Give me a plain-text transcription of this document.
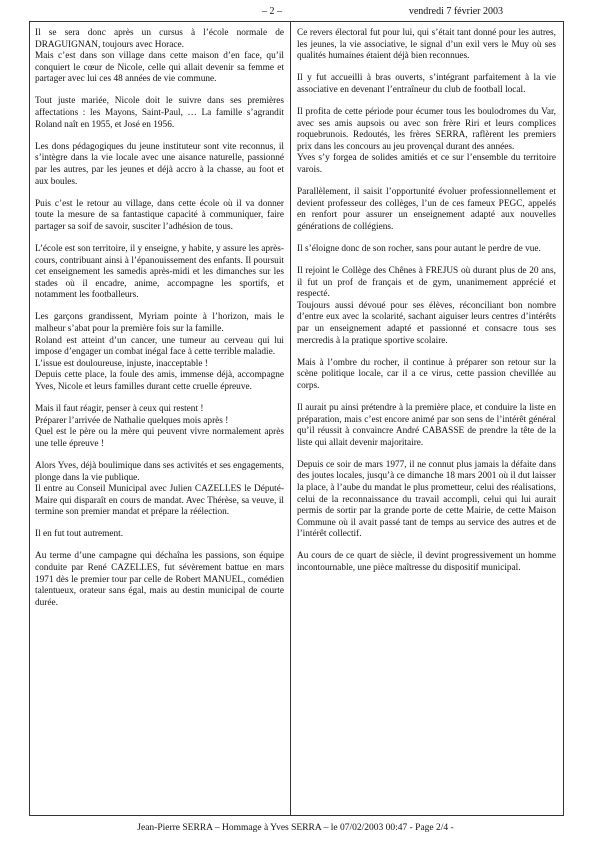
– 2 –	vendredi 7 février 2003

Il se sera donc après un cursus à l’école normale de DRAGUIGNAN, toujours avec Horace.
Mais c’est dans son village dans cette maison d’en face, qu’il conquiert le cœur de Nicole, celle qui allait devenir sa femme et partager avec lui ces 48 années de vie commune.

Tout juste mariée, Nicole doit le suivre dans ses premières affectations : les Mayons, Saint-Paul, … La famille s’agrandit Roland naît en 1955, et José en 1956.

Les dons pédagogiques du jeune instituteur sont vite reconnus, il s’intègre dans la vie locale avec une aisance naturelle, passionné par les autres, par les jeunes et déjà accro à la chasse, au foot et aux boules.

Puis c’est le retour au village, dans cette école où il va donner toute la mesure de sa fantastique capacité à communiquer, faire partager sa soif de savoir, susciter l’adhésion de tous.

L’école est son territoire, il y enseigne, y habite, y assure les après-cours, contribuant ainsi à l’épanouissement des enfants. Il poursuit cet enseignement les samedis après-midi et les dimanches sur les stades où il encadre, anime, accompagne les sportifs, et notamment les footballeurs.

Les garçons grandissent, Myriam pointe à l’horizon, mais le malheur s’abat pour la première fois sur la famille.
Roland est atteint d’un cancer, une tumeur au cerveau qui lui impose d’engager un combat inégal face à cette terrible maladie.
L’issue est douloureuse, injuste, inacceptable !
Depuis cette place, la foule des amis, immense déjà, accompagne Yves, Nicole et leurs familles durant cette cruelle épreuve.

Mais il faut réagir, penser à ceux qui restent !
Préparer l’arrivée de Nathalie quelques mois après !
Quel est le père ou la mère qui peuvent vivre normalement après une telle épreuve !

Alors Yves, déjà boulimique dans ses activités et ses engagements, plonge dans la vie publique.
Il entre au Conseil Municipal avec Julien CAZELLES le Député-Maire qui disparaît en cours de mandat. Avec Thérèse, sa veuve, il termine son premier mandat et prépare la réélection.

Il en fut tout autrement.

Au terme d’une campagne qui déchaîna les passions, son équipe conduite par René CAZELLES, fut sévèrement battue en mars 1971 dès le premier tour par celle de Robert MANUEL, comédien talentueux, orateur sans égal, mais au destin municipal de courte durée.

Ce revers électoral fut pour lui, qui s’était tant donné pour les autres, les jeunes, la vie associative, le signal d’un exil vers le Muy où ses qualités humaines étaient déjà bien reconnues.

Il y fut accueilli à bras ouverts, s’intégrant parfaitement à la vie associative en devenant l’entraîneur du club de football local.

Il profita de cette période pour écumer tous les boulodromes du Var, avec ses amis aupsois ou avec son frère Riri et leurs complices roquebrunois. Redoutés, les frères SERRA, raflèrent les premiers prix dans les concours au jeu provençal durant des années.
Yves s’y forgea de solides amitiés et ce sur l’ensemble du territoire varois.

Parallèlement, il saisit l’opportunité évoluer professionnellement et devient professeur des collèges, l’un de ces fameux PEGC, appelés en renfort pour assurer un enseignement adapté aux nouvelles générations de collégiens.

Il s’éloigne donc de son rocher, sans pour autant le perdre de vue.

Il rejoint le Collège des Chênes à FREJUS où durant plus de 20 ans, il fut un prof de français et de gym, unanimement apprécié et respecté.
Toujours aussi dévoué pour ses élèves, réconciliant bon nombre d’entre eux avec la scolarité, sachant aiguiser leurs centres d’intérêts par un enseignement adapté et passionné et consacre tous ses mercredis à la pratique sportive scolaire.

Mais à l’ombre du rocher, il continue à préparer son retour sur la scène politique locale, car il a ce virus, cette passion chevillée au corps.

Il aurait pu ainsi prétendre à la première place, et conduire la liste en préparation, mais c’est encore animé par son sens de l’intérêt général qu’il réussit à convaincre André CABASSE de prendre la tête de la liste qui allait devenir majoritaire.

Depuis ce soir de mars 1977, il ne connut plus jamais la défaite dans des joutes locales, jusqu’à ce dimanche 18 mars 2001 où il dut laisser la place, à l’aube du mandat le plus prometteur, celui des réalisations, celui de la reconnaissance du travail accompli, celui qui lui aurait permis de sortir par la grande porte de cette Mairie, de cette Maison Commune où il avait passé tant de temps au service des autres et de l’intérêt collectif.

Au cours de ce quart de siècle, il devint progressivement un homme incontournable, une pièce maîtresse du dispositif municipal.

Jean-Pierre SERRA – Hommage à Yves SERRA – le 07/02/2003 00:47 - Page 2/4 -
